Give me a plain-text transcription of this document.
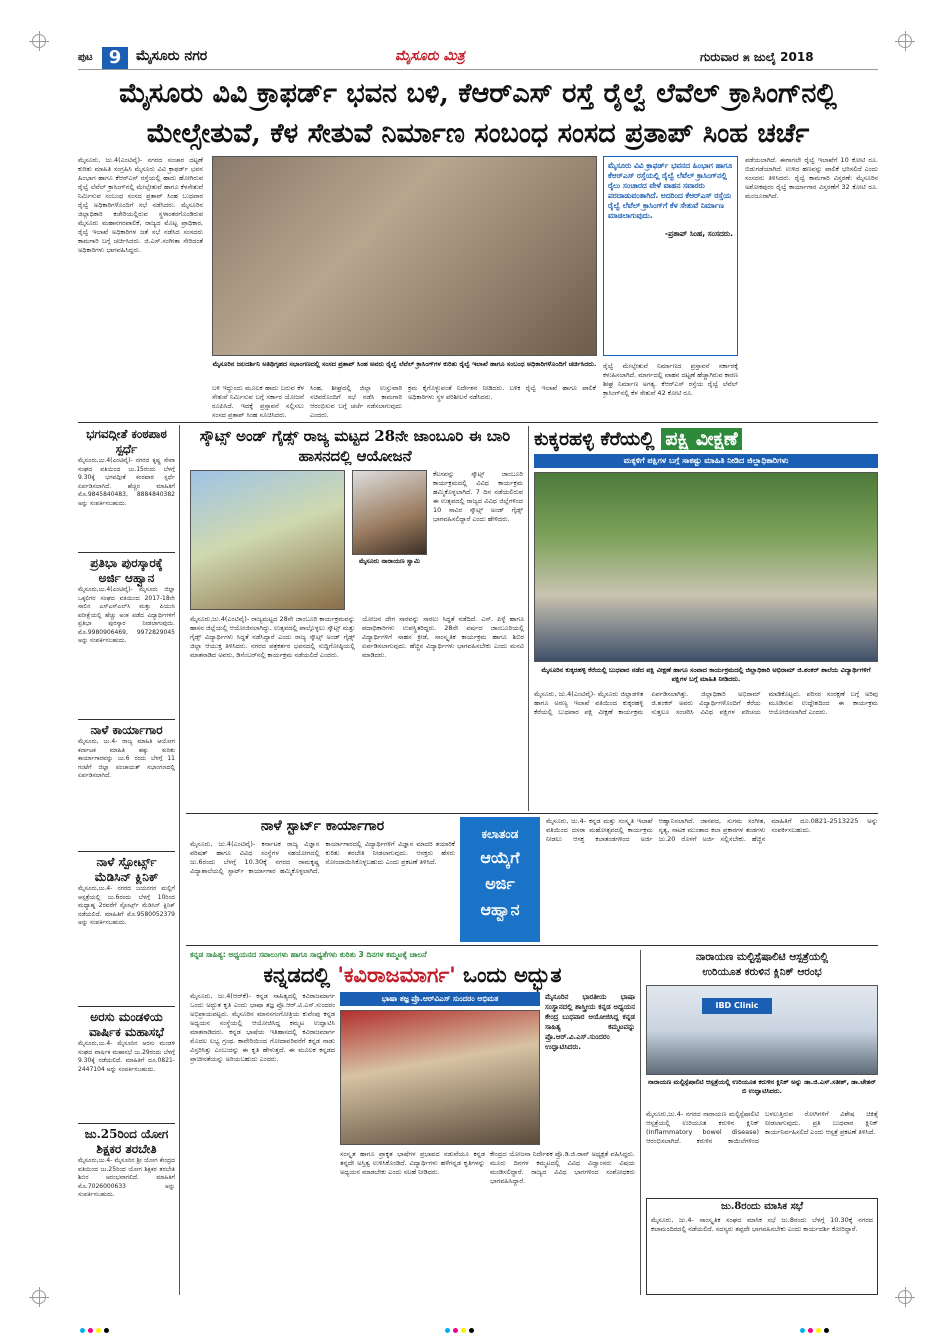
ಪುಟ 9	ಮೈಸೂರು ನಗರ	ಮೈಸೂರು ಮಿತ್ರ	ಗುರುವಾರ ೫ ಜುಲೈ 2018
ಮೈಸೂರು ವಿವಿ ಕ್ರಾಫರ್ಡ್ ಭವನ ಬಳಿ, ಕೆಆರ್‌ಎಸ್ ರಸ್ತೆ ರೈಲ್ವೆ ಲೆವೆಲ್ ಕ್ರಾಸಿಂಗ್‌ನಲ್ಲಿ
ಮೇಲ್ಸೇತುವೆ, ಕೆಳ ಸೇತುವೆ ನಿರ್ಮಾಣ ಸಂಬಂಧ ಸಂಸದ ಪ್ರತಾಪ್ ಸಿಂಹ ಚರ್ಚೆ
ಮೈಸೂರು, ಜು.4(ಎಂಟಿವೈ)- ನಗರದ ಸಂಚಾರ ದಟ್ಟಣೆ ಕುರಿತು ಮಾಹಿತಿ ಸಂಗ್ರಹಿಸಿ ಮೈಸೂರು ವಿವಿ ಕ್ರಾಫರ್ಡ್ ಭವನ ಹಿಂಭಾಗ ಹಾಗೂ ಕೆಆರ್‌ಎಸ್ ರಸ್ತೆಯಲ್ಲಿ ಹಾದು ಹೋಗಿರುವ ರೈಲ್ವೆ ಲೆವೆಲ್ ಕ್ರಾಸಿಂಗ್‌ನಲ್ಲಿ ಮೇಲ್ಸೇತುವೆ ಹಾಗೂ ಕೆಳಸೇತುವೆ ನಿರ್ಮಿಸುವ ಸಂಬಂಧ ಸಂಸದ ಪ್ರತಾಪ್ ಸಿಂಹ ಬುಧವಾರ ರೈಲ್ವೆ ಅಧಿಕಾರಿಗಳೊಂದಿಗೆ ಸಭೆ ನಡೆಸಿದರು. ಮೈಸೂರಿನ ಜಿಲ್ಲಾಧಿಕಾರಿ ಕಚೇರಿಯಲ್ಲಿರುವ ಸ್ಥಳಾಂತರಗೊಂಡಿರುವ ಮೈಸೂರು ಮಹಾನಗರಪಾಲಿಕೆ, ರಾಜ್ಯದ ಮೊಟ್ಟ ಪ್ರಾಧಿಕಾರ, ರೈಲ್ವೆ ಇಲಾಖೆ ಅಧಿಕಾರಿಗಳ ಜತೆ ಸಭೆ ನಡೆಸಿದ ಸಂಸದರು ಕಾಮಗಾರಿ ಬಗ್ಗೆ ಚರ್ಚಿಸಿದರು. ಜಿ.ಎಸ್.ಸಂಗೀತಾ ಸೇರಿದಂತೆ ಅಧಿಕಾರಿಗಳು ಭಾಗವಹಿಸಿದ್ದರು.
ಮೈಸೂರಿನ ಜಲದರ್ಶಿನಿ ಅತಿಥಿಗೃಹದ ಸಭಾಂಗಣದಲ್ಲಿ ಸಂಸದ ಪ್ರತಾಪ್ ಸಿಂಹ ಅವರು ರೈಲ್ವೆ ಲೆವೆಲ್ ಕ್ರಾಸಿಂಗ್‌ಗಳ ಕುರಿತು ರೈಲ್ವೆ ಇಲಾಖೆ ಹಾಗೂ ಸಂಬಂಧ ಅಧಿಕಾರಿಗಳೊಂದಿಗೆ ಚರ್ಚಿಸಿದರು.
ಬಳಿ ಇದ್ದುಂದು ಮೂಲಕ ಹಾದು ಬರುವ ಕೆಳ ಸೇತುವೆ ನಿರ್ಮಿಸುವ ಬಗ್ಗೆ ಸರ್ಕಾರ ಯೋಜನೆ ರೂಪಿಸಿದೆ. ಇದಕ್ಕೆ ಪ್ರಸ್ತಾವನೆ ಸಲ್ಲಿಸಲು ಸಂಸದ ಪ್ರತಾಪ್ ಸಿಂಹ ಸೂಚಿಸಿದರು.
ಸಿಂಹ, ಶೀಘ್ರದಲ್ಲಿ ಜಿಲ್ಲಾ ಉಸ್ತುವಾರಿ ಸಚಿವರೊಂದಿಗೆ ಸಭೆ ನಡೆಸಿ ಕಾಮಗಾರಿ ಆರಂಭಿಸುವ ಬಗ್ಗೆ ಚರ್ಚೆ ನಡೆಸಲಾಗುವುದು ಎಂದರು.
ಕ್ರಮ ಕೈಗೊಳ್ಳುವಂತೆ ನಿರ್ದೇಶನ ನೀಡಿದರು. ಬಳಿಕ ರೈಲ್ವೆ ಇಲಾಖೆ ಹಾಗೂ ಪಾಲಿಕೆ ಅಧಿಕಾರಿಗಳು ಸ್ಥಳ ಪರಿಶೀಲನೆ ನಡೆಸಿದರು.
ಮೈಸೂರು ವಿವಿ ಕ್ರಾಫರ್ಡ್ ಭವನದ ಹಿಂಭಾಗ ಹಾಗೂ ಕೆಆರ್‌ಎಸ್ ರಸ್ತೆಯಲ್ಲಿ ರೈಲ್ವೆ ಲೆವೆಲ್ ಕ್ರಾಸಿಂಗ್‌ನಲ್ಲಿ ರೈಲು ಸಂಚಾರದ ವೇಳೆ ವಾಹನ ಸವಾರರು ಪರದಾಡುವಂತಾಗಿದೆ. ಅದರಿಂದ ಕೆಆರ್‌ಎಸ್ ರಸ್ತೆಯ ರೈಲ್ವೆ ಲೆವೆಲ್ ಕ್ರಾಸಿಂಗ್‌ಗೆ ಕೆಳ ಸೇತುವೆ ನಿರ್ಮಾಣ ಮಾಡಲಾಗುವುದು.
-ಪ್ರತಾಪ್ ಸಿಂಹ, ಸಂಸದರು.
ರೈಲ್ವೆ ಮೇಲ್ಸೇತುವೆ ನಿರ್ಮಾಣದ ಪ್ರಸ್ತಾವನೆ ಸರ್ಕಾರಕ್ಕೆ ಕಳುಹಿಸಲಾಗಿದೆ. ಮಾರ್ಗದಲ್ಲಿ ವಾಹನ ದಟ್ಟಣೆ ಹೆಚ್ಚಾಗಿರುವ ಕಾರಣ ಶೀಘ್ರ ನಿರ್ಮಾಣ ಅಗತ್ಯ. ಕೆಆರ್‌ಎಸ್ ರಸ್ತೆಯ ರೈಲ್ವೆ ಲೆವೆಲ್ ಕ್ರಾಸಿಂಗ್‌ನಲ್ಲಿ ಕೆಳ ಸೇತುವೆ 42 ಕೋಟಿ ರೂ.
ಪಡೆಯಲಾಗಿದೆ. ಈಗಾಗಲೇ ರೈಲ್ವೆ ಇಲಾಖೆಗೆ 10 ಕೋಟಿ ರೂ. ಬಿಡುಗಡೆಯಾಗಿದೆ. ಉಳಿದ ಹಣವನ್ನು ಪಾಲಿಕೆ ಭರಿಸಲಿದೆ ಎಂದು ಸಂಸದರು ತಿಳಿಸಿದರು. ರೈಲ್ವೆ ಕಾಮಗಾರಿ ವಿಸ್ತರಣೆ: ಮೈಸೂರಿನ ಅಶೋಕಪುರಂ ರೈಲ್ವೆ ಕಾರ್ಯಾಗಾರ ವಿಸ್ತರಣೆಗೆ 32 ಕೋಟಿ ರೂ. ಮಂಜೂರಾಗಿದೆ.
ಭಗವದ್ಗೀತೆ ಕಂಠಪಾಠ ಸ್ಪರ್ಧೆ
ಮೈಸೂರು,ಜು.4(ಎಂಟಿವೈ)- ನಗರದ ಕೃಷ್ಣ ಸೇವಾ ಸಂಘದ ವತಿಯಿಂದ ಜು.15ರಂದು ಬೆಳಗ್ಗೆ 9.30ಕ್ಕೆ ಭಗವದ್ಗೀತೆ ಕಂಠಪಾಠ ಸ್ಪರ್ಧೆ ಏರ್ಪಡಿಸಲಾಗಿದೆ. ಹೆಚ್ಚಿನ ಮಾಹಿತಿಗೆ ಮೊ.9845840483, 8884840382 ಅನ್ನು ಸಂಪರ್ಕಿಸಬಹುದು.
ಪ್ರತಿಭಾ ಪುರಸ್ಕಾರಕ್ಕೆ ಅರ್ಜಿ ಆಹ್ವಾನ
ಮೈಸೂರು,ಜು.4(ಎಂಟಿವೈ)- ಮೈಸೂರು ಜಿಲ್ಲಾ ಒಕ್ಕಲಿಗರ ಸಂಘದ ವತಿಯಿಂದ 2017-18ನೇ ಸಾಲಿನ ಎಸ್‌ಎಸ್‌ಎಲ್‌ಸಿ ಮತ್ತು ಪಿಯುಸಿ ಪರೀಕ್ಷೆಯಲ್ಲಿ ಹೆಚ್ಚು ಅಂಕ ಪಡೆದ ವಿದ್ಯಾರ್ಥಿಗಳಿಗೆ ಪ್ರತಿಭಾ ಪುರಸ್ಕಾರ ನೀಡಲಾಗುವುದು. ಮೊ.9980906469, 9972829045 ಅನ್ನು ಸಂಪರ್ಕಿಸಬಹುದು.
ನಾಳೆ ಕಾರ್ಯಾಗಾರ
ಮೈಸೂರು, ಜು.4- ರಾಜ್ಯ ಮಾಹಿತಿ ಆಯೋಗ ಕರ್ನಾಟಕ ಮಾಹಿತಿ ಹಕ್ಕು ಕುರಿತು ಕಾರ್ಯಾಗಾರವನ್ನು ಜು.6 ರಂದು ಬೆಳಗ್ಗೆ 11 ಗಂಟೆಗೆ ಜಿಲ್ಲಾ ಪಂಚಾಯತ್ ಸಭಾಂಗಣದಲ್ಲಿ ಏರ್ಪಡಿಸಲಾಗಿದೆ.
ನಾಳೆ ಸ್ಪೋರ್ಟ್ಸ್ ಮೆಡಿಸಿನ್ ಕ್ಲಿನಿಕ್
ಮೈಸೂರು,ಜು.4- ನಗರದ ಜಯನಗರ ಮಲ್ಲಿಗೆ ಆಸ್ಪತ್ರೆಯಲ್ಲಿ ಜು.6ರಂದು ಬೆಳಗ್ಗೆ 10ರಿಂದ ಮಧ್ಯಾಹ್ನ 2ರವರೆಗೆ ಸ್ಪೋರ್ಟ್ಸ್ ಮೆಡಿಸಿನ್ ಕ್ಲಿನಿಕ್ ನಡೆಯಲಿದೆ. ಮಾಹಿತಿಗೆ ಮೊ.9580052379 ಅನ್ನು ಸಂಪರ್ಕಿಸಬಹುದು.
ಅರಸು ಮಂಡಳಿಯ ವಾರ್ಷಿಕ ಮಹಾಸಭೆ
ಮೈಸೂರು,ಜು.4- ಮೈಸೂರಿನ ಅರಸು ಮಂಡಳಿ ಸಂಘದ ವಾರ್ಷಿಕ ಮಹಾಸಭೆ ಜು.29ರಂದು ಬೆಳಗ್ಗೆ 9.30ಕ್ಕೆ ನಡೆಯಲಿದೆ. ಮಾಹಿತಿಗೆ ದೂ.0821-2447104 ಅನ್ನು ಸಂಪರ್ಕಿಸಬಹುದು.
ಜು.25ರಿಂದ ಯೋಗ ಶಿಕ್ಷಕರ ತರಬೇತಿ
ಮೈಸೂರು,ಜು.4- ಮೈಸೂರಿನ ಶ್ರೀ ಯೋಗ ಕೇಂದ್ರದ ವತಿಯಿಂದ ಜು.25ರಿಂದ ಯೋಗ ಶಿಕ್ಷಕರ ತರಬೇತಿ ಶಿಬಿರ ಆರಂಭವಾಗಲಿದೆ. ಮಾಹಿತಿಗೆ ಮೊ.7026000633 ಅನ್ನು ಸಂಪರ್ಕಿಸಬಹುದು.
ಸ್ಕೌಟ್ಸ್ ಅಂಡ್ ಗೈಡ್ಸ್ ರಾಜ್ಯ ಮಟ್ಟದ 28ನೇ ಜಾಂಬೂರಿ ಈ ಬಾರಿ ಹಾಸನದಲ್ಲಿ ಆಯೋಜನೆ
ಮೈಸೂರು ನಾರಾಯಣ ಸ್ವಾಮಿ
ಕೆಲಸವನ್ನು ಸ್ಕೌಟ್ಸ್ ಜಾಂಬೂರಿ ಕಾರ್ಯಕ್ರಮದಲ್ಲಿ ವಿವಿಧ ಕಾರ್ಯಕ್ರಮ ಹಮ್ಮಿಕೊಳ್ಳಲಾಗಿದೆ. 7 ದಿನ ನಡೆಯಲಿರುವ ಈ ಉತ್ಸವದಲ್ಲಿ ರಾಜ್ಯದ ವಿವಿಧ ಜಿಲ್ಲೆಗಳಿಂದ 10 ಸಾವಿರ ಸ್ಕೌಟ್ಸ್ ಅಂಡ್ ಗೈಡ್ಸ್ ಭಾಗವಹಿಸಲಿದ್ದಾರೆ ಎಂದು ಹೇಳಿದರು.
ಮೈಸೂರು,ಜು.4(ಎಂಟಿವೈ)- ರಾಜ್ಯಮಟ್ಟದ 28ನೇ ಜಾಂಬೂರಿ ಕಾರ್ಯಕ್ರಮವನ್ನು ಹಾಸನ ಜಿಲ್ಲೆಯಲ್ಲಿ ಆಯೋಜಿಸಲಾಗಿದ್ದು, ಉತ್ಸವದಲ್ಲಿ ಪಾಲ್ಗೊಳ್ಳಲು ಸ್ಕೌಟ್ಸ್ ಮತ್ತು ಗೈಡ್ಸ್ ವಿದ್ಯಾರ್ಥಿಗಳು ಸಿದ್ಧತೆ ನಡೆಸಿದ್ದಾರೆ ಎಂದು ರಾಜ್ಯ ಸ್ಕೌಟ್ಸ್ ಅಂಡ್ ಗೈಡ್ಸ್ ಜಿಲ್ಲಾ ಆಯುಕ್ತ ತಿಳಿಸಿದರು. ನಗರದ ಪತ್ರಕರ್ತರ ಭವನದಲ್ಲಿ ಸುದ್ದಿಗೋಷ್ಠಿಯಲ್ಲಿ ಮಾತನಾಡಿದ ಅವರು, ಡಿಸೆಂಬರ್‌ನಲ್ಲಿ ಕಾರ್ಯಕ್ರಮ ನಡೆಯಲಿದೆ ಎಂದರು.
ಯೋಜನ ದೇಗ ಸಾರವನ್ನು ಸಾರಲು ಸಿದ್ಧತೆ ನಡೆದಿದೆ. ಎಸ್. ಪಿಳ್ಳೆ ಹಾಗೂ ಪದಾಧಿಕಾರಿಗಳು ಉಪಸ್ಥಿತರಿದ್ದರು. 28ನೇ ವರ್ಷದ ಜಾಂಬೂರಿಯಲ್ಲಿ ವಿದ್ಯಾರ್ಥಿಗಳಿಗೆ ಸಾಹಸ ಕ್ರೀಡೆ, ಸಾಂಸ್ಕೃತಿಕ ಕಾರ್ಯಕ್ರಮ ಹಾಗೂ ಶಿಬಿರ ಏರ್ಪಡಿಸಲಾಗುವುದು. ಹೆಚ್ಚಿನ ವಿದ್ಯಾರ್ಥಿಗಳು ಭಾಗವಹಿಸಬೇಕು ಎಂದು ಮನವಿ ಮಾಡಿದರು.
ಕುಕ್ಕರಹಳ್ಳಿ ಕೆರೆಯಲ್ಲಿ ಪಕ್ಷಿ ವೀಕ್ಷಣೆ
ಮಕ್ಕಳಿಗೆ ಪಕ್ಷಿಗಳ ಬಗ್ಗೆ ಸಾಕಷ್ಟು ಮಾಹಿತಿ ನೀಡಿದ ಜಿಲ್ಲಾಧಿಕಾರಿಗಳು
ಮೈಸೂರಿನ ಕುಕ್ಕರಹಳ್ಳಿ ಕೆರೆಯಲ್ಲಿ ಬುಧವಾರ ನಡೆದ ಪಕ್ಷಿ ವೀಕ್ಷಣೆ ಹಾಗೂ ಸಂವಾದ ಕಾರ್ಯಕ್ರಮದಲ್ಲಿ ಜಿಲ್ಲಾಧಿಕಾರಿ ಅಭಿರಾಮ್ ಜಿ.ಶಂಕರ್ ಶಾಲೆಯ ವಿದ್ಯಾರ್ಥಿಗಳಿಗೆ ಪಕ್ಷಿಗಳ ಬಗ್ಗೆ ಮಾಹಿತಿ ನೀಡಿದರು.
ಮೈಸೂರು, ಜು.4(ಎಂಟಿವೈ)- ಮೈಸೂರು ಜಿಲ್ಲಾಡಳಿತ ಹಾಗೂ ಅರಣ್ಯ ಇಲಾಖೆ ವತಿಯಿಂದ ಕುಕ್ಕರಹಳ್ಳಿ ಕೆರೆಯಲ್ಲಿ ಬುಧವಾರ ಪಕ್ಷಿ ವೀಕ್ಷಣೆ ಕಾರ್ಯಕ್ರಮ ಏರ್ಪಡಿಸಲಾಗಿತ್ತು. ಜಿಲ್ಲಾಧಿಕಾರಿ ಅಭಿರಾಮ್ ಜಿ.ಶಂಕರ್ ಅವರು ವಿದ್ಯಾರ್ಥಿಗಳೊಂದಿಗೆ ಕೆರೆಯ ಸುತ್ತಲೂ ಸಂಚರಿಸಿ ವಿವಿಧ ಪಕ್ಷಿಗಳ ಪರಿಚಯ ಮಾಡಿಕೊಟ್ಟರು. ಪರಿಸರ ಸಂರಕ್ಷಣೆ ಬಗ್ಗೆ ಅರಿವು ಮೂಡಿಸುವ ಉದ್ದೇಶದಿಂದ ಈ ಕಾರ್ಯಕ್ರಮ ಆಯೋಜಿಸಲಾಗಿದೆ ಎಂದರು.
ನಾಳೆ ಸ್ಟಾರ್ಟ್ ಕಾರ್ಯಾಗಾರ
ಮೈಸೂರು, ಜು.4(ಎಂಟಿವೈ)- ಕರ್ನಾಟಕ ರಾಜ್ಯ ವಿಜ್ಞಾನ ಪರಿಷತ್ ಹಾಗೂ ವಿವಿಧ ಸಂಸ್ಥೆಗಳ ಸಹಯೋಗದಲ್ಲಿ ಜು.6ರಂದು ಬೆಳಗ್ಗೆ 10.30ಕ್ಕೆ ನಗರದ ರಾಮಕೃಷ್ಣ ವಿದ್ಯಾಶಾಲೆಯಲ್ಲಿ ಸ್ಟಾರ್ಟ್ ಕಾರ್ಯಾಗಾರ ಹಮ್ಮಿಕೊಳ್ಳಲಾಗಿದೆ. ಕಾರ್ಯಾಗಾರದಲ್ಲಿ ವಿದ್ಯಾರ್ಥಿಗಳಿಗೆ ವಿಜ್ಞಾನ ಮಾದರಿ ತಯಾರಿಕೆ ಕುರಿತು ತರಬೇತಿ ನೀಡಲಾಗುವುದು. ಆಸಕ್ತರು ಹೆಸರು ನೋಂದಾಯಿಸಿಕೊಳ್ಳಬಹುದು ಎಂದು ಪ್ರಕಟಣೆ ತಿಳಿಸಿದೆ.
ಕಲಾತಂಡ
ಆಯ್ಕೆಗೆ
ಅರ್ಜಿ
ಆಹ್ವಾನ
ಮೈಸೂರು, ಜು.4- ಕನ್ನಡ ಮತ್ತು ಸಂಸ್ಕೃತಿ ಇಲಾಖೆ ವತಿಯಿಂದ ದಸರಾ ಮಹೋತ್ಸವದಲ್ಲಿ ಕಾರ್ಯಕ್ರಮ ನೀಡಲು ಆಸಕ್ತ ಕಲಾತಂಡಗಳಿಂದ ಅರ್ಜಿ ಆಹ್ವಾನಿಸಲಾಗಿದೆ. ಜಾನಪದ, ಸುಗಮ ಸಂಗೀತ, ನೃತ್ಯ, ನಾಟಕ ಮುಂತಾದ ಕಲಾ ಪ್ರಕಾರಗಳ ತಂಡಗಳು ಜು.20 ರೊಳಗೆ ಅರ್ಜಿ ಸಲ್ಲಿಸಬೇಕು. ಹೆಚ್ಚಿನ ಮಾಹಿತಿಗೆ ದೂ.0821-2513225 ಅನ್ನು ಸಂಪರ್ಕಿಸಬಹುದು.
ಕನ್ನಡ ಸಾಹಿತ್ಯ: ಅಧ್ಯಯನದ ಸವಾಲುಗಳು ಹಾಗೂ ಸಾಧ್ಯತೆಗಳು ಕುರಿತು 3 ದಿನಗಳ ಕಮ್ಮಟಕ್ಕೆ ಚಾಲನೆ
ಕನ್ನಡದಲ್ಲಿ 'ಕವಿರಾಜಮಾರ್ಗ' ಒಂದು ಅದ್ಭುತ
ಮೈಸೂರು, ಜು.4(ಆರ್‌ಕೆ)- ಕನ್ನಡ ಸಾಹಿತ್ಯದಲ್ಲಿ ಕವಿರಾಜಮಾರ್ಗ ಒಂದು ಅದ್ಭುತ ಕೃತಿ ಎಂದು ಭಾಷಾ ತಜ್ಞ ಪ್ರೊ.ಆರ್.ವಿ.ಎಸ್.ಸುಂದರಂ ಅಭಿಪ್ರಾಯಪಟ್ಟರು. ಮೈಸೂರಿನ ಮಾನಸಗಂಗೋತ್ರಿಯ ಕುವೆಂಪು ಕನ್ನಡ ಅಧ್ಯಯನ ಸಂಸ್ಥೆಯಲ್ಲಿ ಆಯೋಜಿಸಿದ್ದ ಕಮ್ಮಟ ಉದ್ಘಾಟಿಸಿ ಮಾತನಾಡಿದರು. ಕನ್ನಡ ಭಾಷೆಯ ಇತಿಹಾಸದಲ್ಲಿ ಕವಿರಾಜಮಾರ್ಗ ಮೊದಲ ಲಭ್ಯ ಗ್ರಂಥ. ಕಾವೇರಿಯಿಂದ ಗೋದಾವರಿವರೆಗೆ ಕನ್ನಡ ನಾಡು ವಿಸ್ತರಿಸಿತ್ತು ಎಂಬುದನ್ನು ಈ ಕೃತಿ ಹೇಳುತ್ತದೆ. ಈ ಮೂಲಕ ಕನ್ನಡದ ಪ್ರಾಚೀನತೆಯನ್ನು ಅರಿಯಬಹುದು ಎಂದರು.
ಭಾಷಾ ತಜ್ಞ ಪ್ರೊ.ಆರ್‌ವಿಎಸ್ ಸುಂದರಂ ಅಭಿಮತ	ಮೈಸೂರಿನ ಭಾರತೀಯ ಭಾಷಾ ಸಂಸ್ಥಾನದಲ್ಲಿ ಶಾಸ್ತ್ರೀಯ ಕನ್ನಡ ಅಧ್ಯಯನ ಕೇಂದ್ರ ಬುಧವಾರ ಆಯೋಜಿಸಿದ್ದ ಕನ್ನಡ ಸಾಹಿತ್ಯ ಕಮ್ಮಟವನ್ನು ಪ್ರೊ.ಆರ್.ವಿ.ಎಸ್.ಸುಂದರಂ ಉದ್ಘಾಟಿಸಿದರು.
ಸಂಸ್ಕೃತ ಹಾಗೂ ಪ್ರಾಕೃತ ಭಾಷೆಗಳ ಪ್ರಭಾವದ ನಡುವೆಯೂ ಕನ್ನಡ ತನ್ನದೇ ಅಸ್ತಿತ್ವ ಉಳಿಸಿಕೊಂಡಿದೆ. ವಿದ್ಯಾರ್ಥಿಗಳು ಹಳೆಗನ್ನಡ ಕೃತಿಗಳನ್ನು ಅಧ್ಯಯನ ಮಾಡಬೇಕು ಎಂದು ಸಲಹೆ ನೀಡಿದರು.
ಕೇಂದ್ರದ ಯೋಜನಾ ನಿರ್ದೇಶಕ ಪ್ರೊ.ಡಿ.ಜಿ.ರಾವ್ ಅಧ್ಯಕ್ಷತೆ ವಹಿಸಿದ್ದರು. ಮೂರು ದಿನಗಳ ಕಮ್ಮಟದಲ್ಲಿ ವಿವಿಧ ವಿದ್ವಾಂಸರು ವಿಷಯ ಮಂಡಿಸಲಿದ್ದಾರೆ. ರಾಜ್ಯದ ವಿವಿಧ ಭಾಗಗಳಿಂದ ಸಂಶೋಧಕರು ಭಾಗವಹಿಸಿದ್ದಾರೆ.
ನಾರಾಯಣ ಮಲ್ಟಿಸ್ಪೆಷಾಲಿಟಿ ಆಸ್ಪತ್ರೆಯಲ್ಲಿ
ಉರಿಯೂತ ಕರುಳಿನ ಕ್ಲಿನಿಕ್ ಆರಂಭ
IBD Clinic
ನಾರಾಯಣ ಮಲ್ಟಿಸ್ಪೆಷಾಲಿಟಿ ಆಸ್ಪತ್ರೆಯಲ್ಲಿ ಉರಿಯೂತ ಕರುಳಿನ ಕ್ಲಿನಿಕ್ ಅನ್ನು ಡಾ.ಜಿ.ಎಸ್.ಸತೀಶ್, ಡಾ.ಚೇತನ್ ಬಿ ಉದ್ಘಾಟಿಸಿದರು.
ಮೈಸೂರು,ಜು.4- ನಗರದ ನಾರಾಯಣ ಮಲ್ಟಿಸ್ಪೆಷಾಲಿಟಿ ಆಸ್ಪತ್ರೆಯಲ್ಲಿ ಉರಿಯೂತ ಕರುಳಿನ ಕ್ಲಿನಿಕ್ (Inflammatory bowel disease) ಆರಂಭಿಸಲಾಗಿದೆ. ಕರುಳಿನ ಕಾಯಿಲೆಗಳಿಂದ ಬಳಲುತ್ತಿರುವ ರೋಗಿಗಳಿಗೆ ವಿಶೇಷ ಚಿಕಿತ್ಸೆ ನೀಡಲಾಗುವುದು. ಪ್ರತಿ ಬುಧವಾರ ಕ್ಲಿನಿಕ್ ಕಾರ್ಯನಿರ್ವಹಿಸಲಿದೆ ಎಂದು ಆಸ್ಪತ್ರೆ ಪ್ರಕಟಣೆ ತಿಳಿಸಿದೆ.
ಜು.8ರಂದು ಮಾಸಿಕ ಸಭೆ
ಮೈಸೂರು, ಜು.4- ಸಾಂಸ್ಕೃತಿಕ ಸಂಘದ ಮಾಸಿಕ ಸಭೆ ಜು.8ರಂದು ಬೆಳಗ್ಗೆ 10.30ಕ್ಕೆ ನಗರದ ಕಲಾಮಂದಿರದಲ್ಲಿ ನಡೆಯಲಿದೆ. ಸದಸ್ಯರು ತಪ್ಪದೇ ಭಾಗವಹಿಸಬೇಕು ಎಂದು ಕಾರ್ಯದರ್ಶಿ ಕೋರಿದ್ದಾರೆ.
